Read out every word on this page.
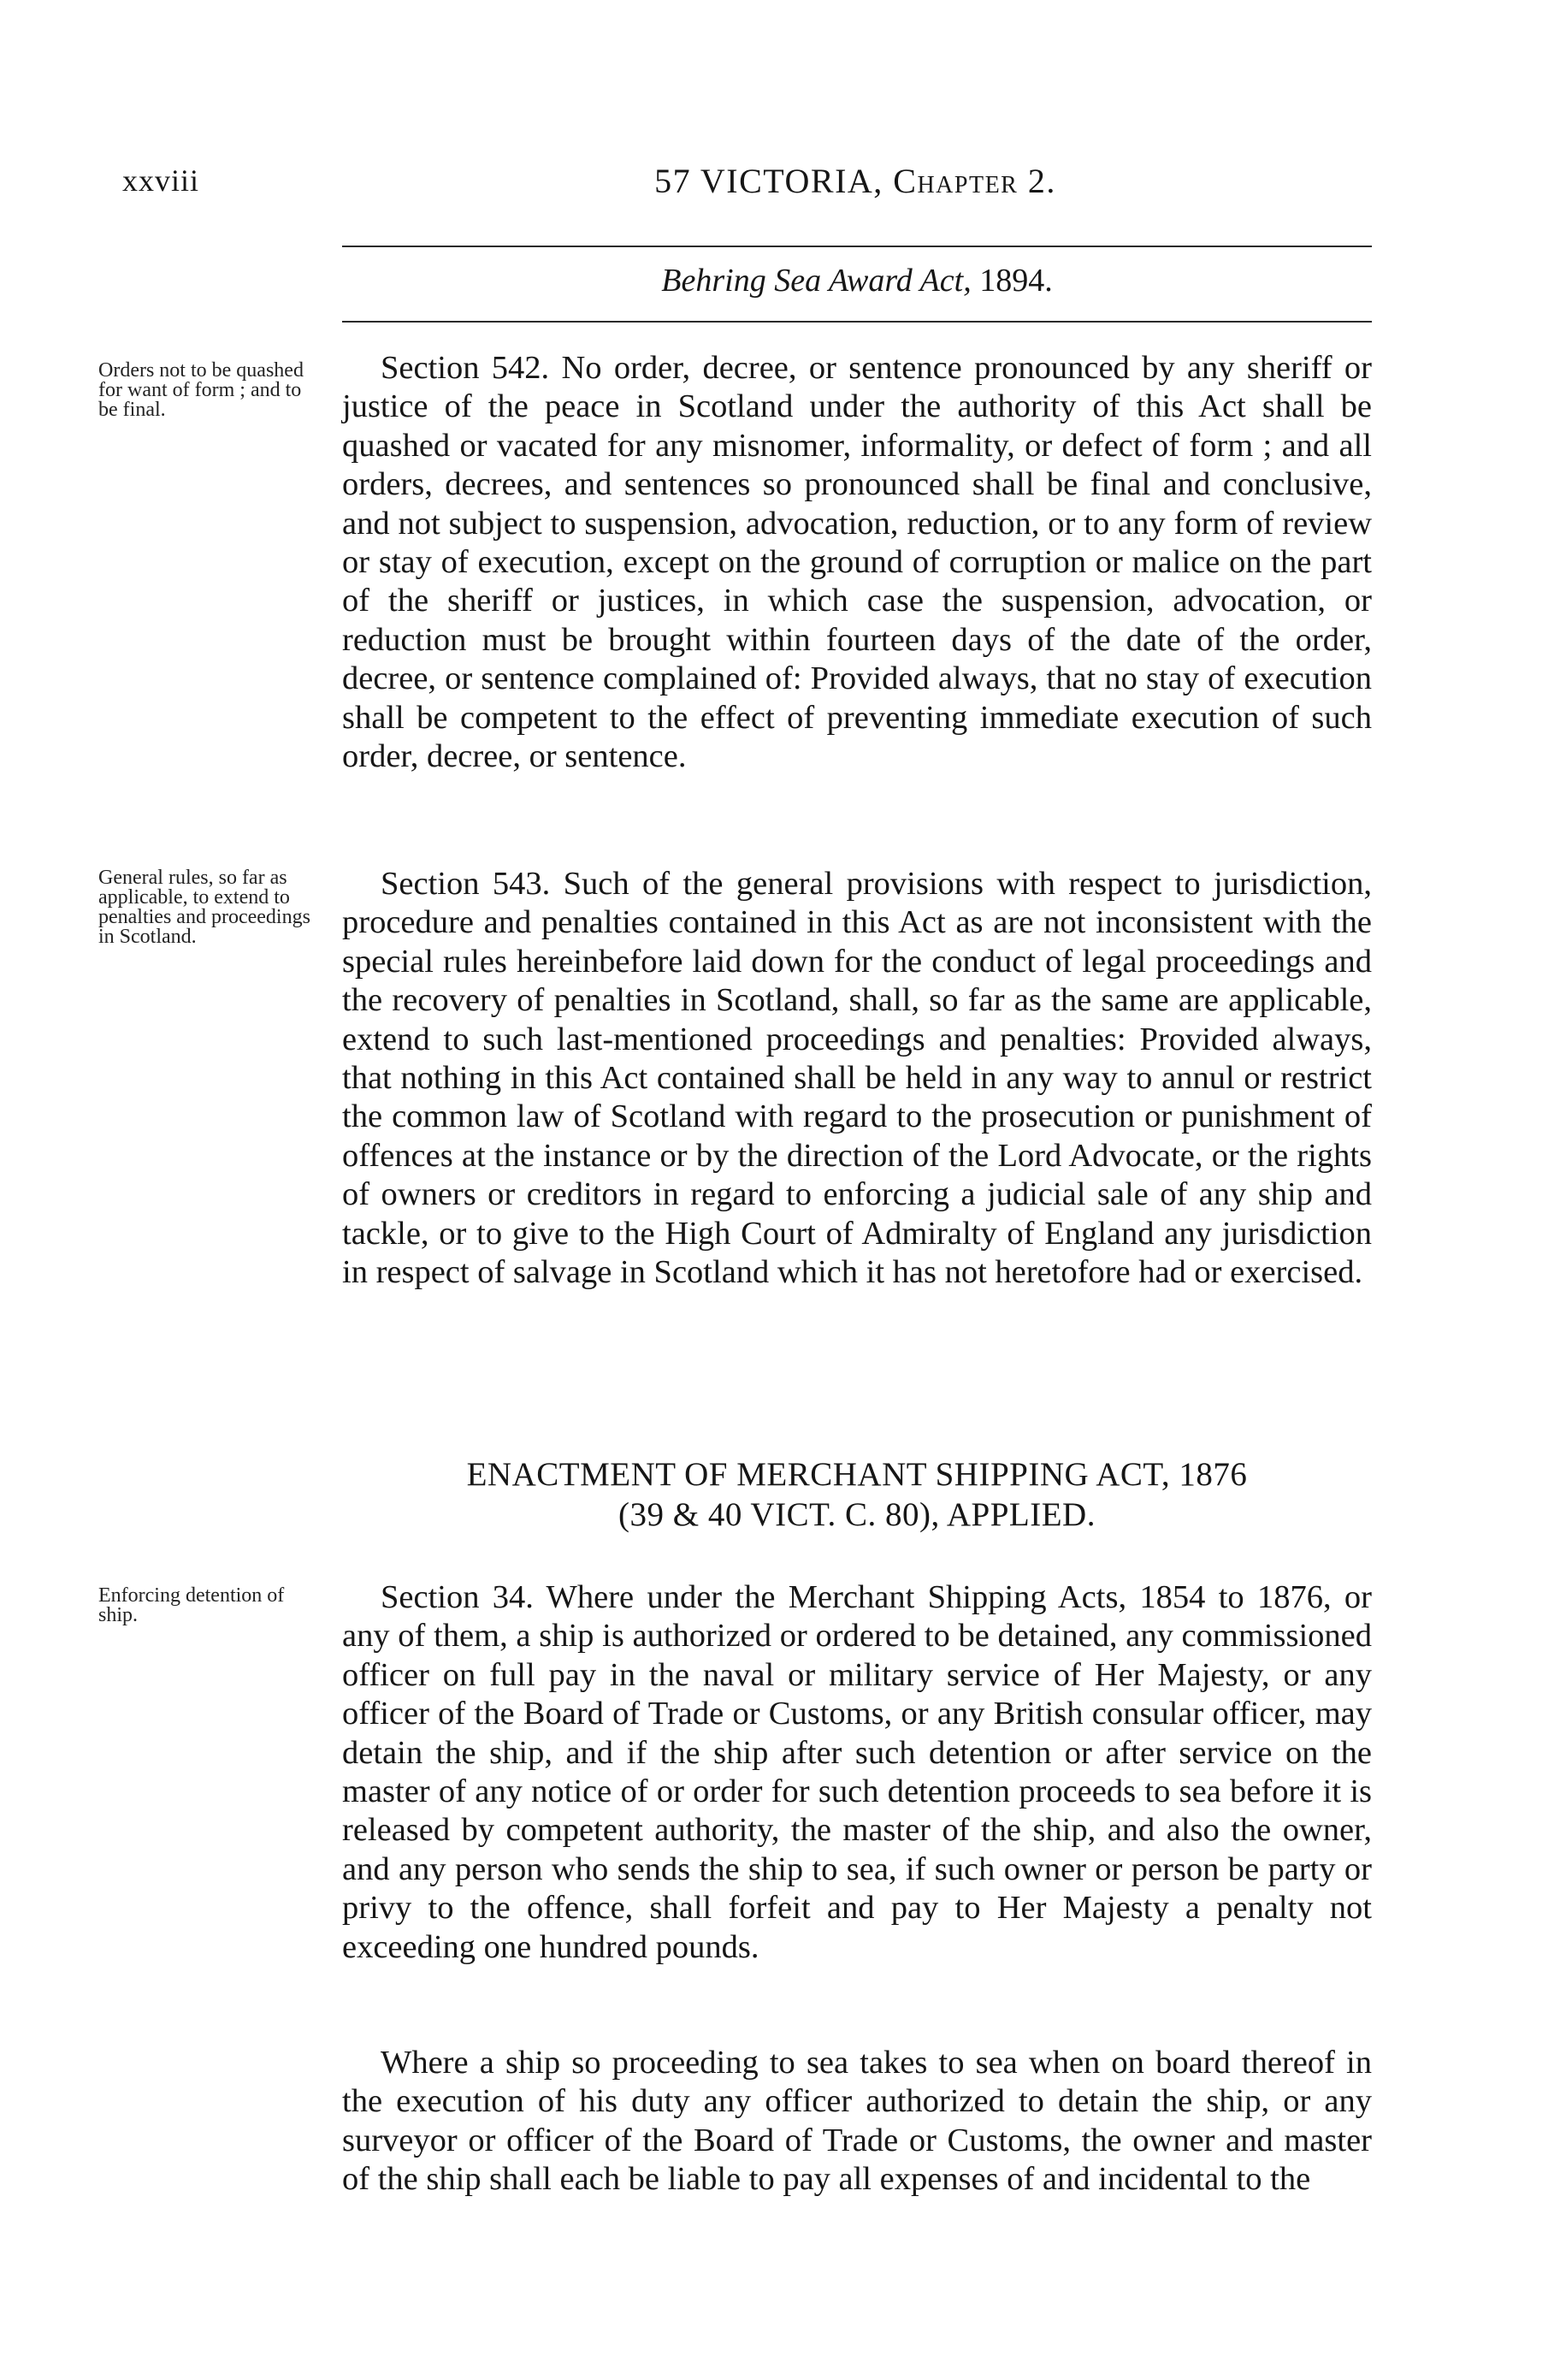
xxviii	57 VICTORIA, Chapter 2.
Behring Sea Award Act, 1894.
Orders not to be quashed for want of form ; and to be final.
Section 542. No order, decree, or sentence pronounced by any sheriff or justice of the peace in Scotland under the authority of this Act shall be quashed or vacated for any misnomer, informality, or defect of form ; and all orders, decrees, and sentences so pronounced shall be final and conclusive, and not subject to suspension, advocation, reduction, or to any form of review or stay of execution, except on the ground of corruption or malice on the part of the sheriff or justices, in which case the suspension, advocation, or reduction must be brought within fourteen days of the date of the order, decree, or sentence complained of: Provided always, that no stay of execution shall be competent to the effect of preventing immediate execution of such order, decree, or sentence.
General rules, so far as applicable, to extend to penalties and proceedings in Scotland.
Section 543. Such of the general provisions with respect to jurisdiction, procedure and penalties contained in this Act as are not inconsistent with the special rules hereinbefore laid down for the conduct of legal proceedings and the recovery of penalties in Scotland, shall, so far as the same are applicable, extend to such last-mentioned proceedings and penalties: Provided always, that nothing in this Act contained shall be held in any way to annul or restrict the common law of Scotland with regard to the prosecution or punishment of offences at the instance or by the direction of the Lord Advocate, or the rights of owners or creditors in regard to enforcing a judicial sale of any ship and tackle, or to give to the High Court of Admiralty of England any jurisdiction in respect of salvage in Scotland which it has not heretofore had or exercised.
ENACTMENT OF MERCHANT SHIPPING ACT, 1876
(39 & 40 VICT. C. 80), APPLIED.
Enforcing detention of ship.	Section 34. Where under the Merchant Shipping Acts, 1854 to 1876, or any of them, a ship is authorized or ordered to be detained, any commissioned officer on full pay in the naval or military service of Her Majesty, or any officer of the Board of Trade or Customs, or any British consular officer, may detain the ship, and if the ship after such detention or after service on the master of any notice of or order for such detention proceeds to sea before it is released by competent authority, the master of the ship, and also the owner, and any person who sends the ship to sea, if such owner or person be party or privy to the offence, shall forfeit and pay to Her Majesty a penalty not exceeding one hundred pounds.
Where a ship so proceeding to sea takes to sea when on board thereof in the execution of his duty any officer authorized to detain the ship, or any surveyor or officer of the Board of Trade or Customs, the owner and master of the ship shall each be liable to pay all expenses of and incidental to the
